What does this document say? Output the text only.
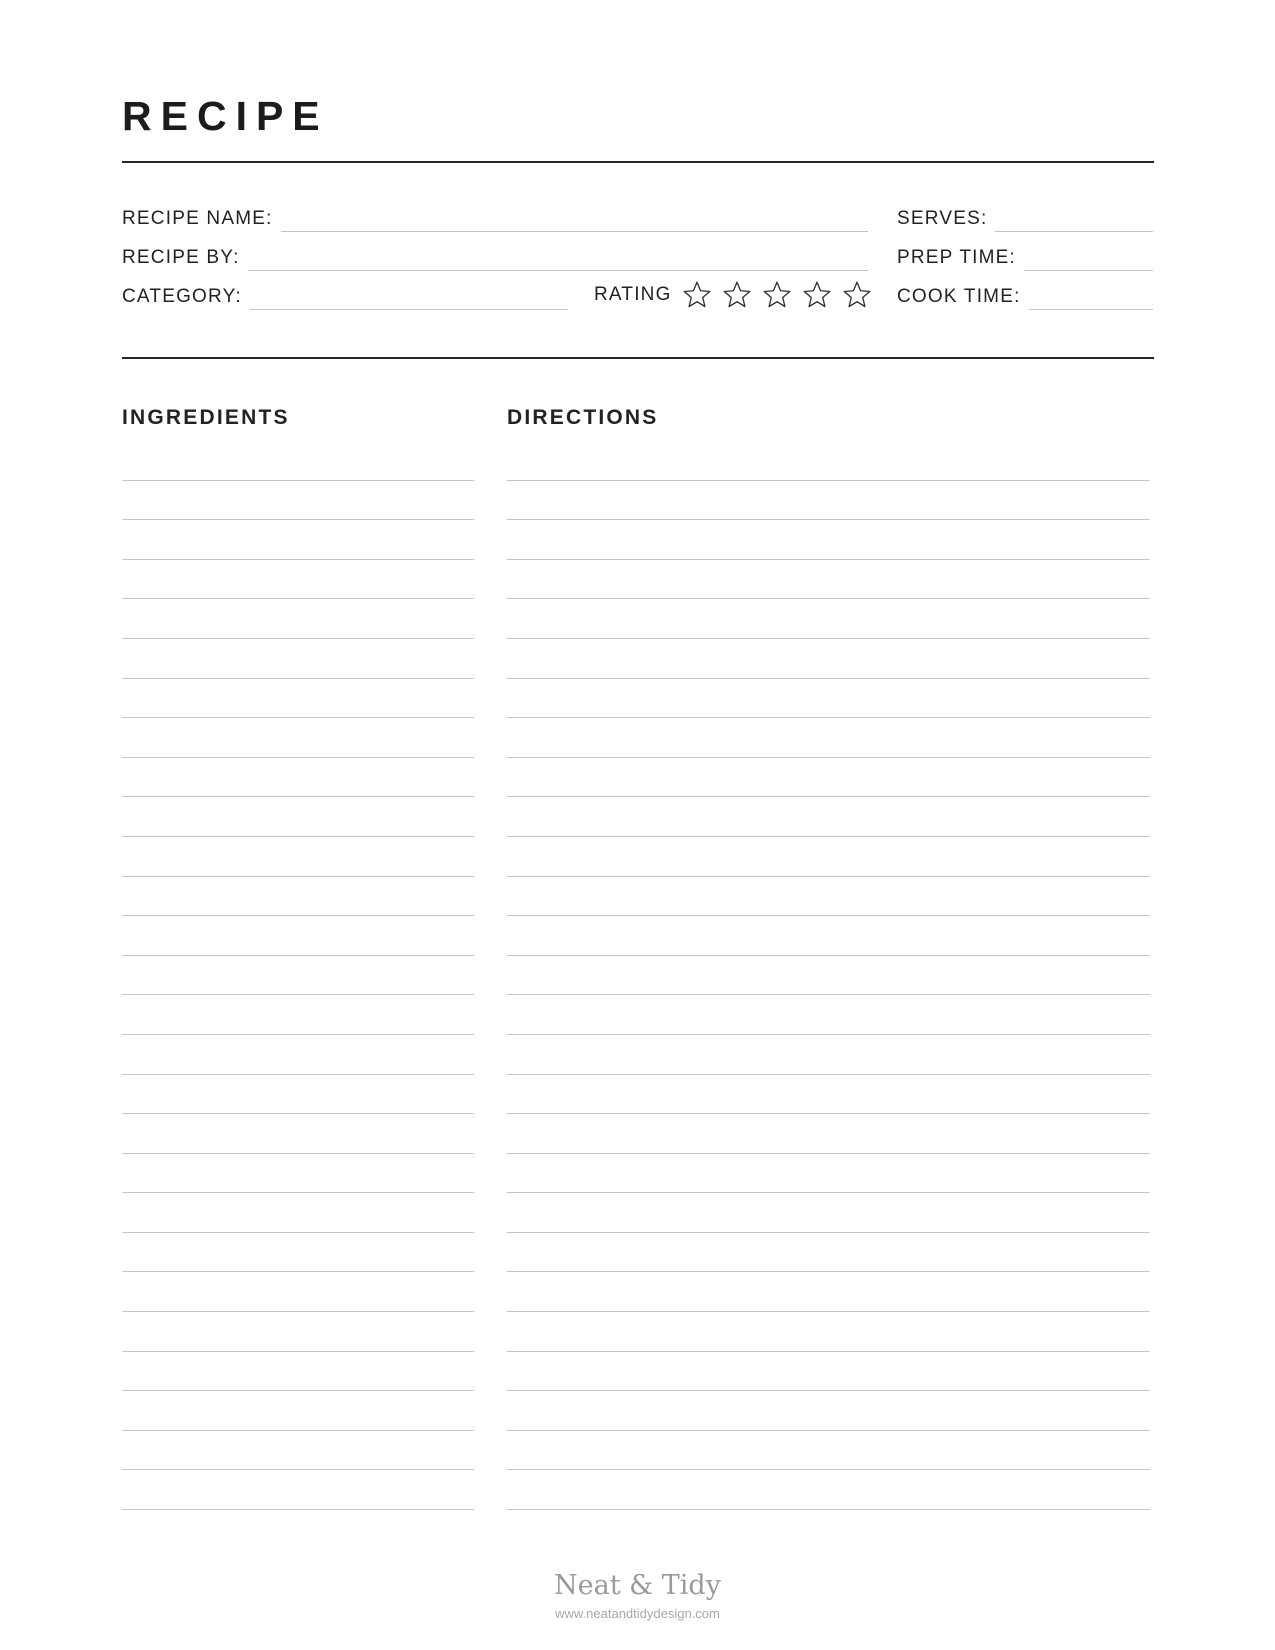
RECIPE
RECIPE NAME:	SERVES:
RECIPE BY:	PREP TIME:
CATEGORY:	RATING	COOK TIME:
INGREDIENTS	DIRECTIONS
Neat & Tidy
www.neatandtidydesign.com
